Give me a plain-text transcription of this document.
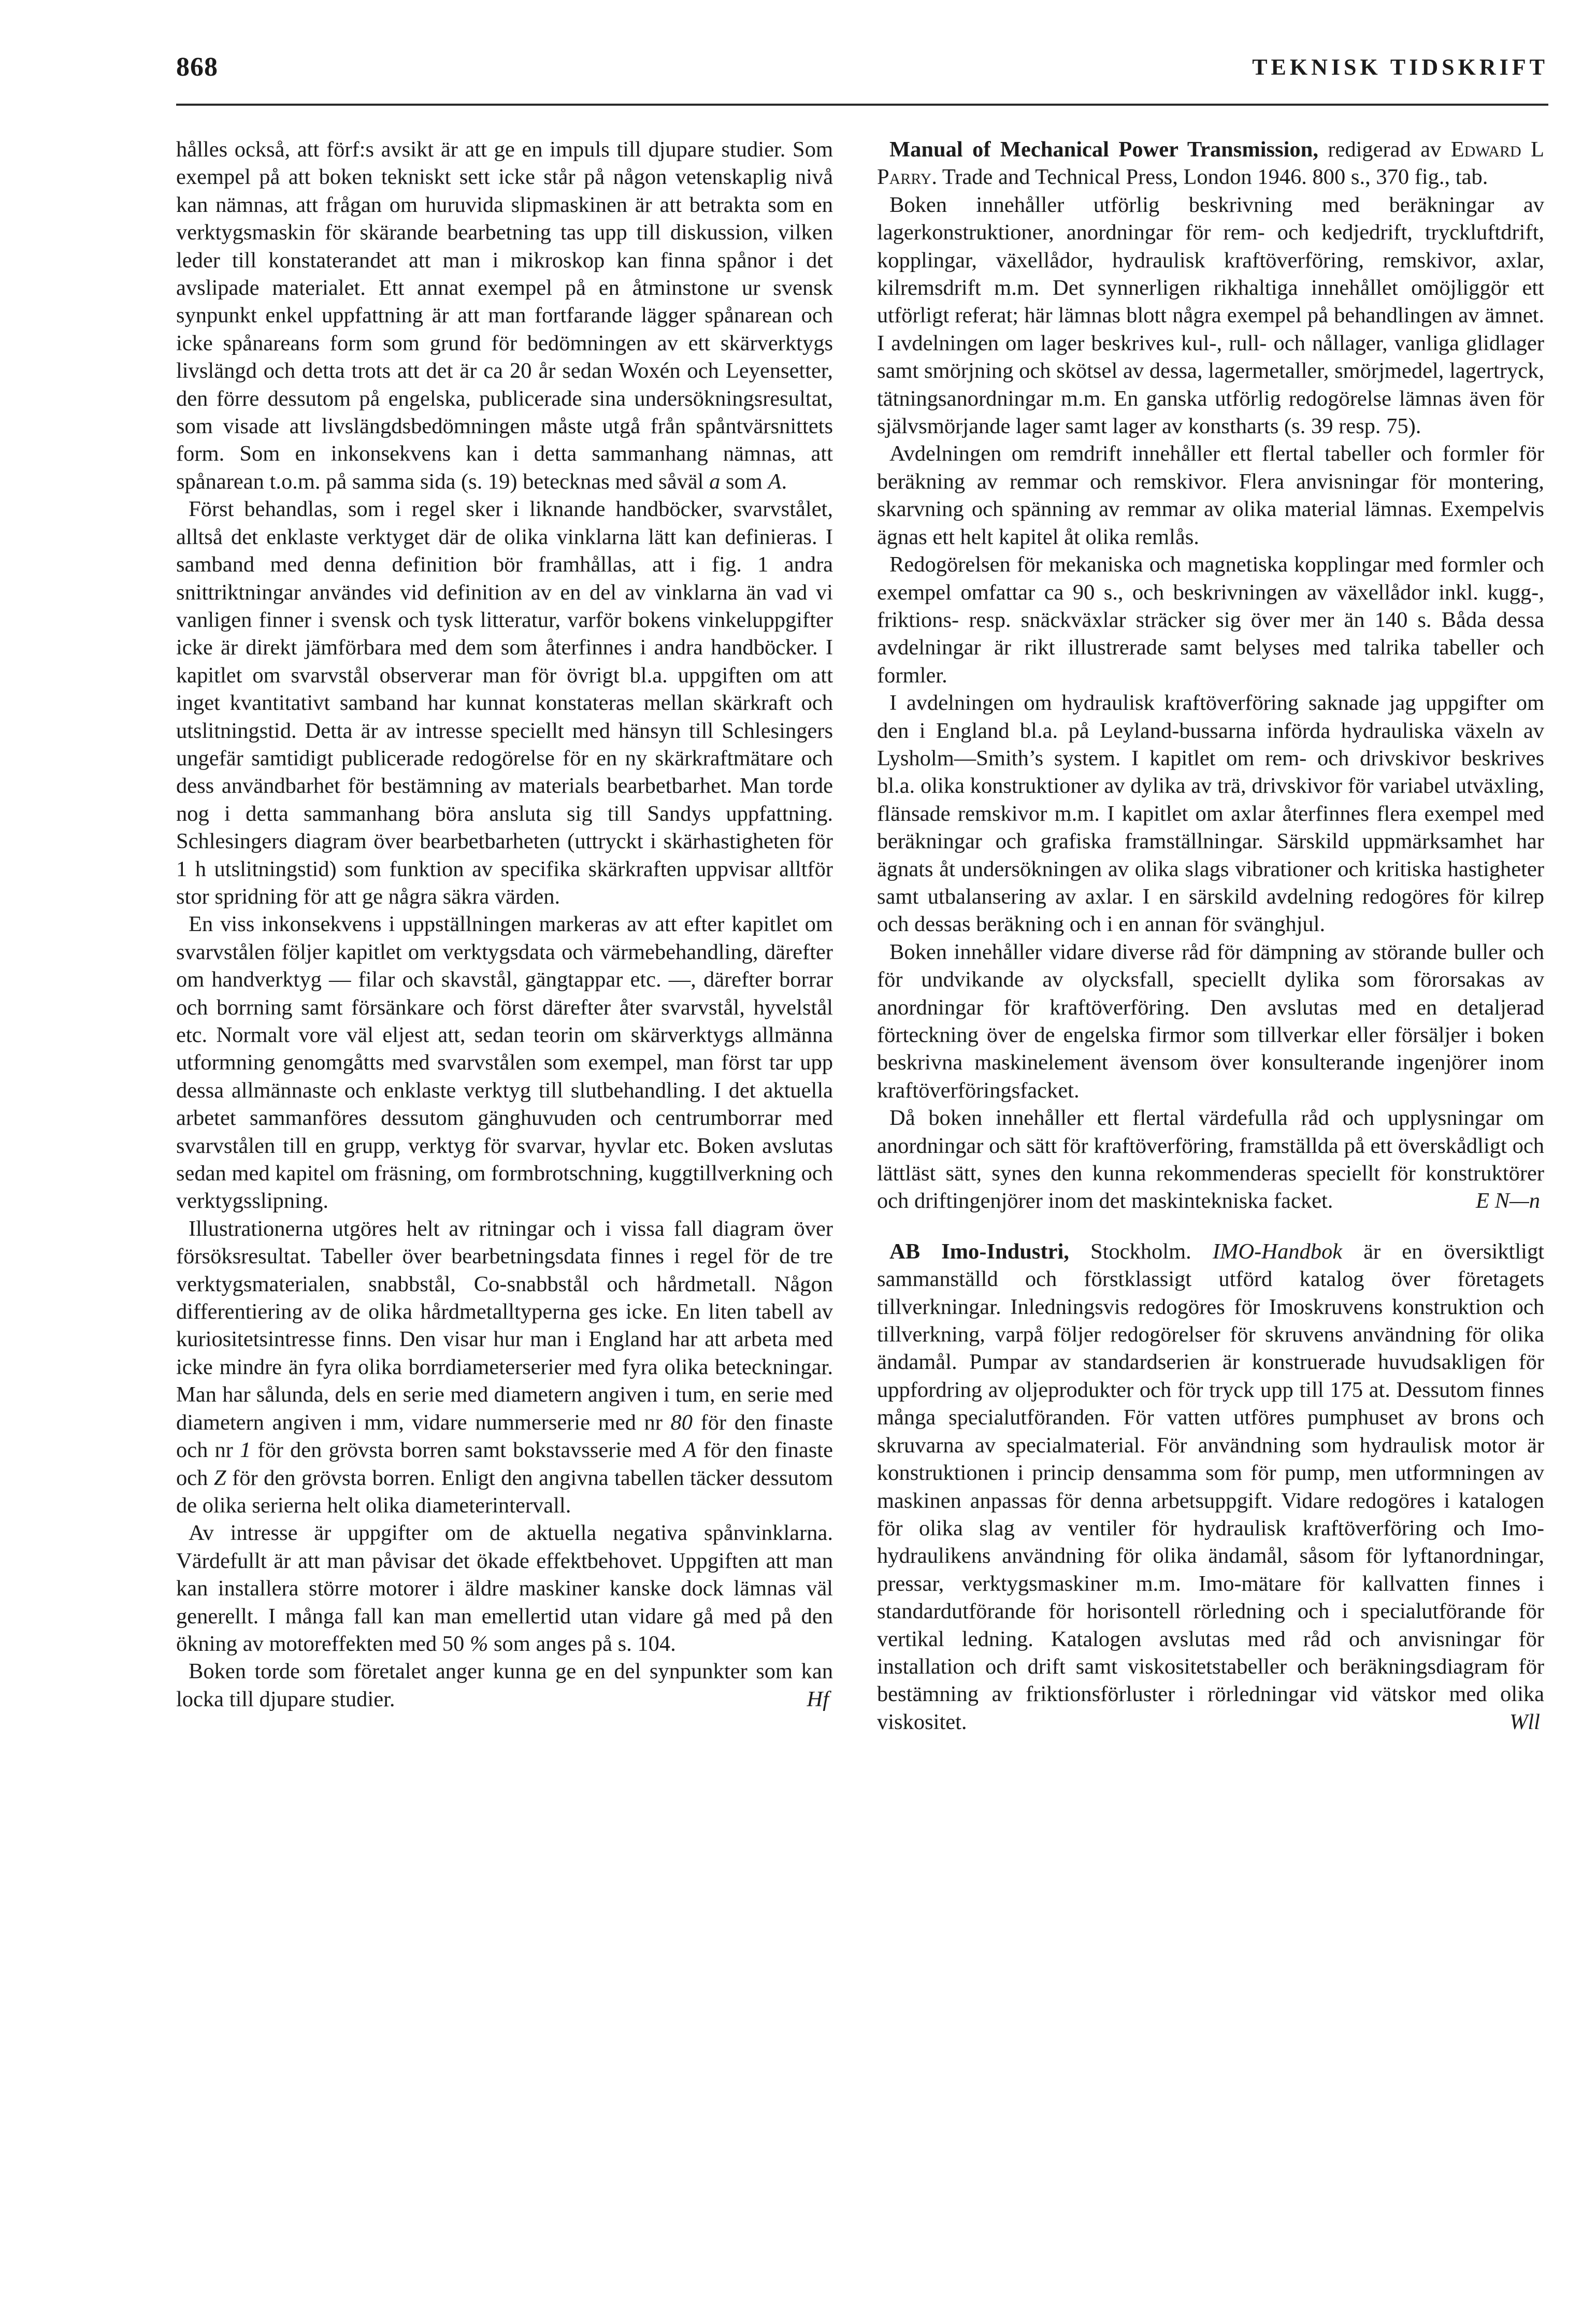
868	TEKNISK TIDSKRIFT

hålles också, att förf:s avsikt är att ge en impuls till djupare studier. Som exempel på att boken tekniskt sett icke står på någon vetenskaplig nivå kan nämnas, att frågan om huruvida slipmaskinen är att betrakta som en verktygsmaskin för skärande bearbetning tas upp till diskussion, vilken leder till konstaterandet att man i mikroskop kan finna spånor i det avslipade materialet. Ett annat exempel på en åtminstone ur svensk synpunkt enkel uppfattning är att man fortfarande lägger spånarean och icke spånareans form som grund för bedömningen av ett skärverktygs livslängd och detta trots att det är ca 20 år sedan Woxén och Leyensetter, den förre dessutom på engelska, publicerade sina undersökningsresultat, som visade att livslängdsbedömningen måste utgå från spåntvärsnittets form. Som en inkonsekvens kan i detta sammanhang nämnas, att spånarean t.o.m. på samma sida (s. 19) betecknas med såväl a som A.

Först behandlas, som i regel sker i liknande handböcker, svarvstålet, alltså det enklaste verktyget där de olika vinklarna lätt kan definieras. I samband med denna definition bör framhållas, att i fig. 1 andra snittriktningar användes vid definition av en del av vinklarna än vad vi vanligen finner i svensk och tysk litteratur, varför bokens vinkeluppgifter icke är direkt jämförbara med dem som återfinnes i andra handböcker. I kapitlet om svarvstål observerar man för övrigt bl.a. uppgiften om att inget kvantitativt samband har kunnat konstateras mellan skärkraft och utslitningstid. Detta är av intresse speciellt med hänsyn till Schlesingers ungefär samtidigt publicerade redogörelse för en ny skärkraftmätare och dess användbarhet för bestämning av materials bearbetbarhet. Man torde nog i detta sammanhang böra ansluta sig till Sandys uppfattning. Schlesingers diagram över bearbetbarheten (uttryckt i skärhastigheten för 1 h utslitningstid) som funktion av specifika skärkraften uppvisar alltför stor spridning för att ge några säkra värden.

En viss inkonsekvens i uppställningen markeras av att efter kapitlet om svarvstålen följer kapitlet om verktygsdata och värmebehandling, därefter om handverktyg — filar och skavstål, gängtappar etc. —, därefter borrar och borrning samt försänkare och först därefter åter svarvstål, hyvelstål etc. Normalt vore väl eljest att, sedan teorin om skärverktygs allmänna utformning genomgåtts med svarvstålen som exempel, man först tar upp dessa allmännaste och enklaste verktyg till slutbehandling. I det aktuella arbetet sammanföres dessutom gänghuvuden och centrumborrar med svarvstålen till en grupp, verktyg för svarvar, hyvlar etc. Boken avslutas sedan med kapitel om fräsning, om formbrotschning, kuggtillverkning och verktygsslipning.

Illustrationerna utgöres helt av ritningar och i vissa fall diagram över försöksresultat. Tabeller över bearbetningsdata finnes i regel för de tre verktygsmaterialen, snabbstål, Co-snabbstål och hårdmetall. Någon differentiering av de olika hårdmetalltyperna ges icke. En liten tabell av kuriositetsintresse finns. Den visar hur man i England har att arbeta med icke mindre än fyra olika borrdiameterserier med fyra olika beteckningar. Man har sålunda, dels en serie med diametern angiven i tum, en serie med diametern angiven i mm, vidare nummerserie med nr 80 för den finaste och nr 1 för den grövsta borren samt bokstavsserie med A för den finaste och Z för den grövsta borren. Enligt den angivna tabellen täcker dessutom de olika serierna helt olika diameterintervall.

Av intresse är uppgifter om de aktuella negativa spånvinklarna. Värdefullt är att man påvisar det ökade effektbehovet. Uppgiften att man kan installera större motorer i äldre maskiner kanske dock lämnas väl generellt. I många fall kan man emellertid utan vidare gå med på den ökning av motoreffekten med 50 % som anges på s. 104.

Boken torde som företalet anger kunna ge en del synpunkter som kan locka till djupare studier.	Hf

Manual of Mechanical Power Transmission, redigerad av Edward L Parry. Trade and Technical Press, London 1946. 800 s., 370 fig., tab.

Boken innehåller utförlig beskrivning med beräkningar av lagerkonstruktioner, anordningar för rem- och kedjedrift, tryckluftdrift, kopplingar, växellådor, hydraulisk kraftöverföring, remskivor, axlar, kilremsdrift m.m. Det synnerligen rikhaltiga innehållet omöjliggör ett utförligt referat; här lämnas blott några exempel på behandlingen av ämnet. I avdelningen om lager beskrives kul-, rull- och nållager, vanliga glidlager samt smörjning och skötsel av dessa, lagermetaller, smörjmedel, lagertryck, tätningsanordningar m.m. En ganska utförlig redogörelse lämnas även för självsmörjande lager samt lager av konstharts (s. 39 resp. 75).

Avdelningen om remdrift innehåller ett flertal tabeller och formler för beräkning av remmar och remskivor. Flera anvisningar för montering, skarvning och spänning av remmar av olika material lämnas. Exempelvis ägnas ett helt kapitel åt olika remlås.

Redogörelsen för mekaniska och magnetiska kopplingar med formler och exempel omfattar ca 90 s., och beskrivningen av växellådor inkl. kugg-, friktions- resp. snäckväxlar sträcker sig över mer än 140 s. Båda dessa avdelningar är rikt illustrerade samt belyses med talrika tabeller och formler.

I avdelningen om hydraulisk kraftöverföring saknade jag uppgifter om den i England bl.a. på Leyland-bussarna införda hydrauliska växeln av Lysholm—Smith’s system. I kapitlet om rem- och drivskivor beskrives bl.a. olika konstruktioner av dylika av trä, drivskivor för variabel utväxling, flänsade remskivor m.m. I kapitlet om axlar återfinnes flera exempel med beräkningar och grafiska framställningar. Särskild uppmärksamhet har ägnats åt undersökningen av olika slags vibrationer och kritiska hastigheter samt utbalansering av axlar. I en särskild avdelning redogöres för kilrep och dessas beräkning och i en annan för svänghjul.

Boken innehåller vidare diverse råd för dämpning av störande buller och för undvikande av olycksfall, speciellt dylika som förorsakas av anordningar för kraftöverföring. Den avslutas med en detaljerad förteckning över de engelska firmor som tillverkar eller försäljer i boken beskrivna maskinelement ävensom över konsulterande ingenjörer inom kraftöverföringsfacket.

Då boken innehåller ett flertal värdefulla råd och upplysningar om anordningar och sätt för kraftöverföring, framställda på ett överskådligt och lättläst sätt, synes den kunna rekommenderas speciellt för konstruktörer och driftingenjörer inom det maskintekniska facket.	E N—n

AB Imo-Industri, Stockholm. IMO-Handbok är en översiktligt sammanställd och förstklassigt utförd katalog över företagets tillverkningar. Inledningsvis redogöres för Imoskruvens konstruktion och tillverkning, varpå följer redogörelser för skruvens användning för olika ändamål. Pumpar av standardserien är konstruerade huvudsakligen för uppfordring av oljeprodukter och för tryck upp till 175 at. Dessutom finnes många specialutföranden. För vatten utföres pumphuset av brons och skruvarna av specialmaterial. För användning som hydraulisk motor är konstruktionen i princip densamma som för pump, men utformningen av maskinen anpassas för denna arbetsuppgift. Vidare redogöres i katalogen för olika slag av ventiler för hydraulisk kraftöverföring och Imo-hydraulikens användning för olika ändamål, såsom för lyftanordningar, pressar, verktygsmaskiner m.m. Imo-mätare för kallvatten finnes i standardutförande för horisontell rörledning och i specialutförande för vertikal ledning. Katalogen avslutas med råd och anvisningar för installation och drift samt viskositetstabeller och beräkningsdiagram för bestämning av friktionsförluster i rörledningar vid vätskor med olika viskositet.	Wll
